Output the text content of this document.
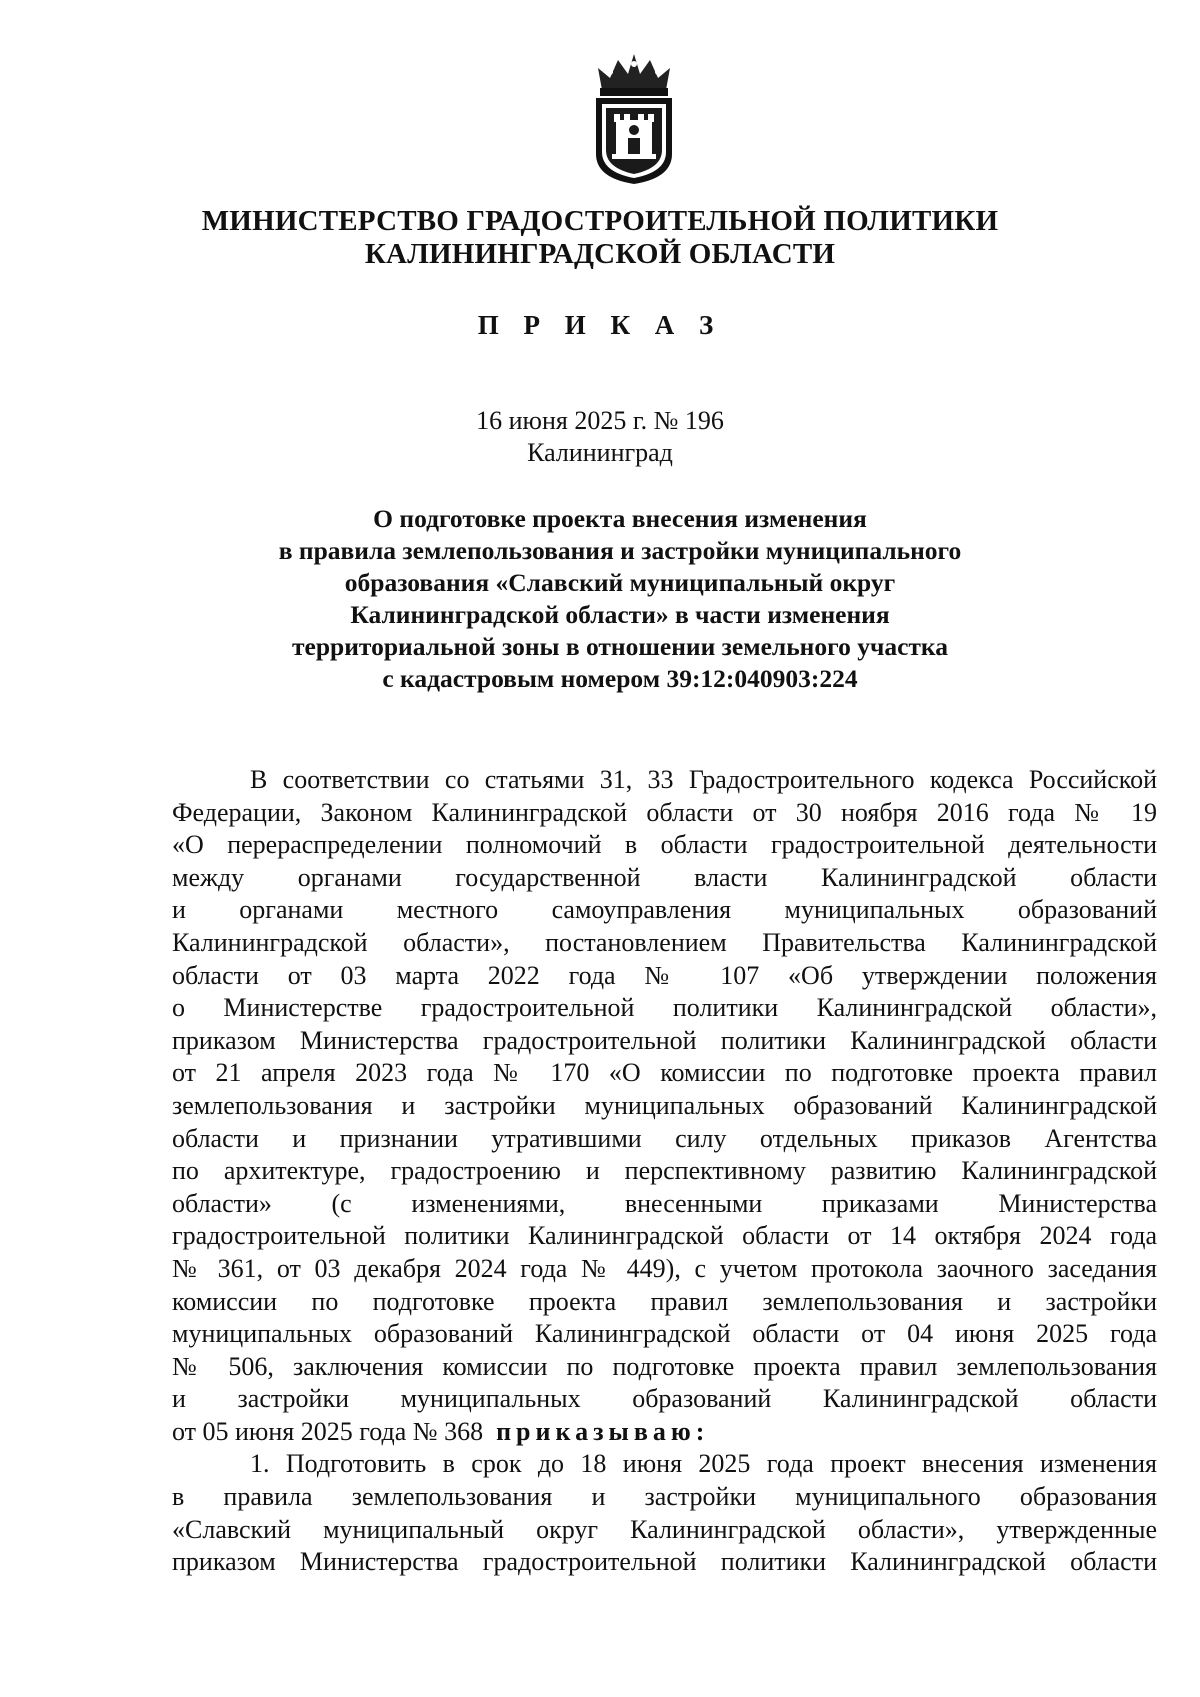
МИНИСТЕРСТВО ГРАДОСТРОИТЕЛЬНОЙ ПОЛИТИКИ
КАЛИНИНГРАДСКОЙ ОБЛАСТИ
П Р И К А З
16 июня 2025 г. № 196
Калининград
О подготовке проекта внесения изменения
в правила землепользования и застройки муниципального
образования «Славский муниципальный округ
Калининградской области» в части изменения
территориальной зоны в отношении земельного участка
с кадастровым номером 39:12:040903:224
В соответствии со статьями 31, 33 Градостроительного кодекса Российской
Федерации, Законом Калининградской области от 30 ноября 2016 года № 19
«О перераспределении полномочий в области градостроительной деятельности
между органами государственной власти Калининградской области
и органами местного самоуправления муниципальных образований
Калининградской области», постановлением Правительства Калининградской
области от 03 марта 2022 года № 107 «Об утверждении положения
о Министерстве градостроительной политики Калининградской области»,
приказом Министерства градостроительной политики Калининградской области
от 21 апреля 2023 года № 170 «О комиссии по подготовке проекта правил
землепользования и застройки муниципальных образований Калининградской
области и признании утратившими силу отдельных приказов Агентства
по архитектуре, градостроению и перспективному развитию Калининградской
области» (с изменениями, внесенными приказами Министерства
градостроительной политики Калининградской области от 14 октября 2024 года
№ 361, от 03 декабря 2024 года № 449), с учетом протокола заочного заседания
комиссии по подготовке проекта правил землепользования и застройки
муниципальных образований Калининградской области от 04 июня 2025 года
№ 506, заключения комиссии по подготовке проекта правил землепользования
и застройки муниципальных образований Калининградской области
от 05 июня 2025 года № 368 приказываю:
1. Подготовить в срок до 18 июня 2025 года проект внесения изменения
в правила землепользования и застройки муниципального образования
«Славский муниципальный округ Калининградской области», утвержденные
приказом Министерства градостроительной политики Калининградской области
